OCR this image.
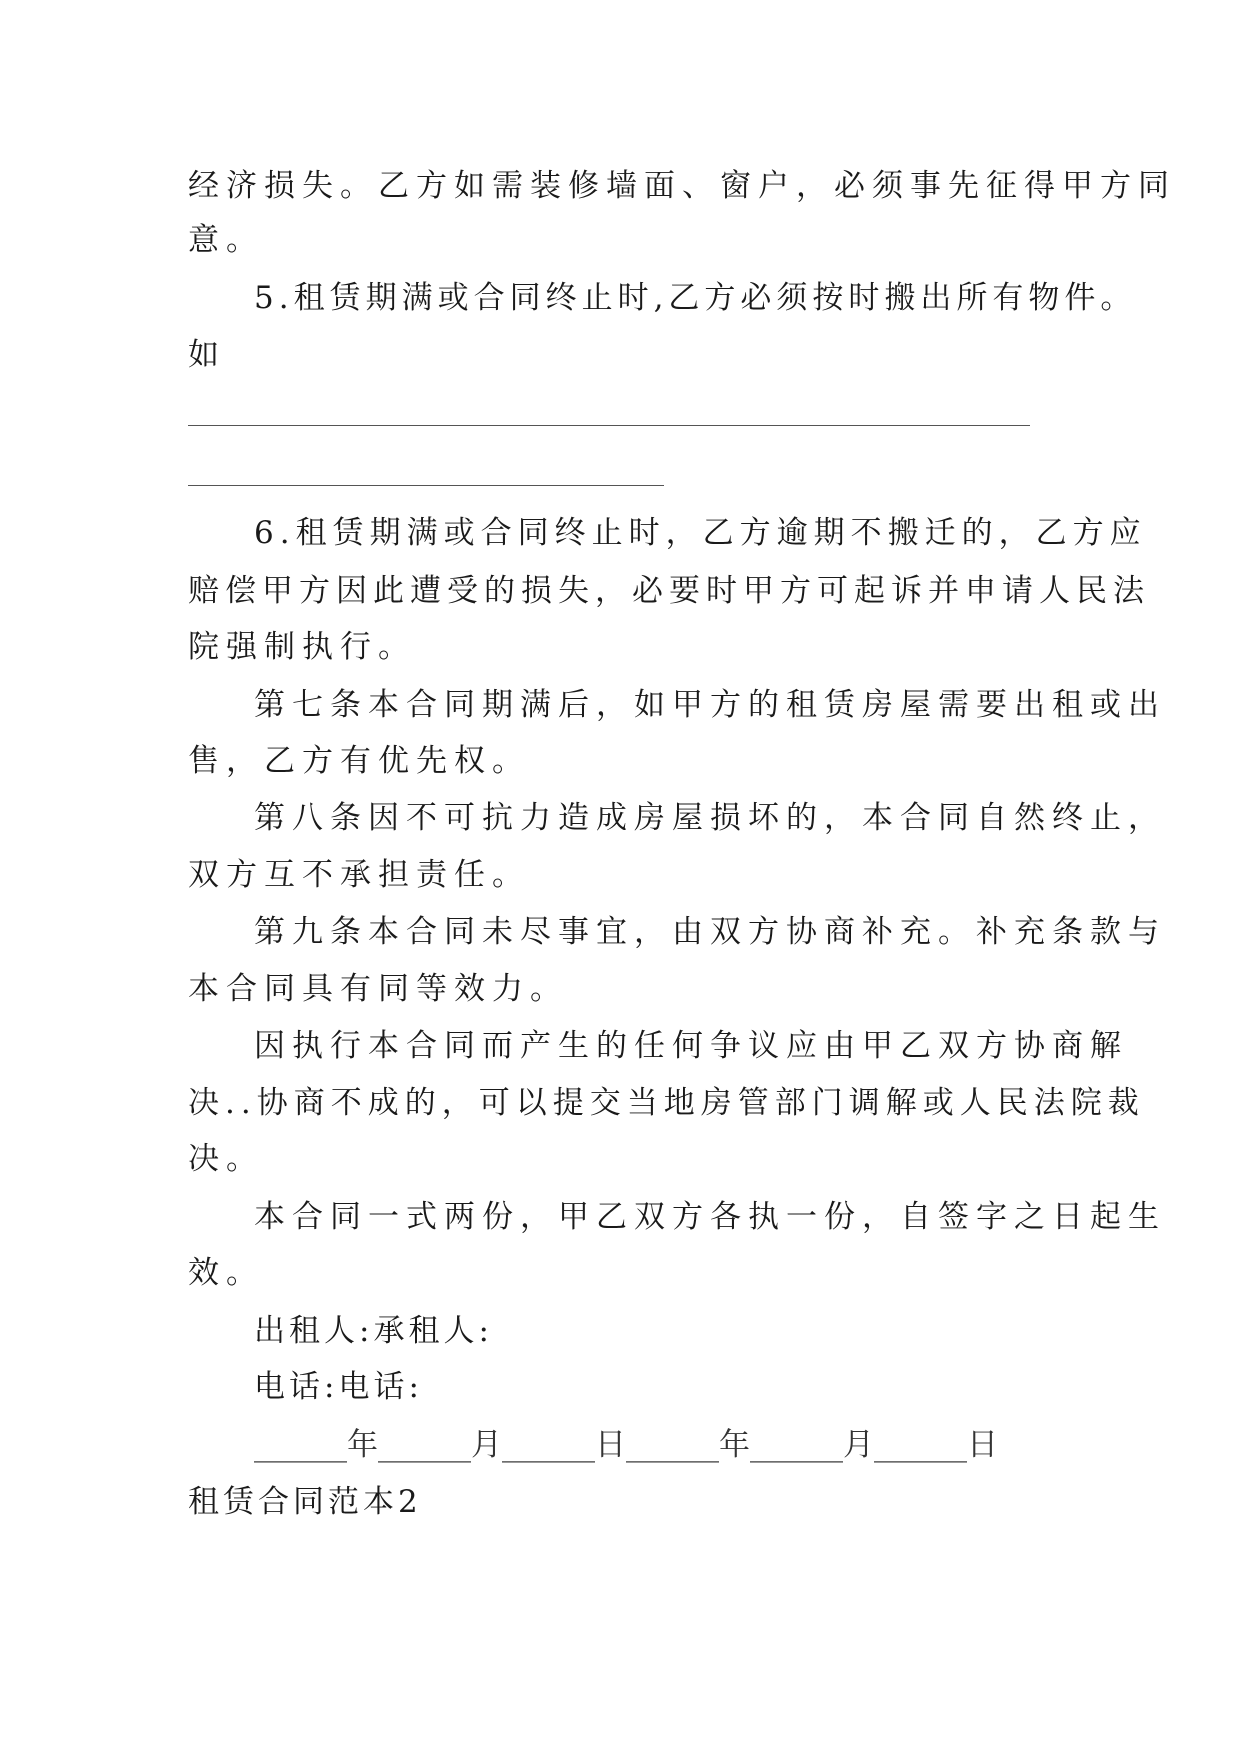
经济损失。乙方如需装修墙面、窗户，必须事先征得甲方同
意。
5.租赁期满或合同终止时,乙方必须按时搬出所有物件。
如
6.租赁期满或合同终止时，乙方逾期不搬迁的，乙方应
赔偿甲方因此遭受的损失，必要时甲方可起诉并申请人民法
院强制执行。
第七条本合同期满后，如甲方的租赁房屋需要出租或出
售，乙方有优先权。
第八条因不可抗力造成房屋损坏的，本合同自然终止，
双方互不承担责任。
第九条本合同未尽事宜，由双方协商补充。补充条款与
本合同具有同等效力。
因执行本合同而产生的任何争议应由甲乙双方协商解
决..协商不成的，可以提交当地房管部门调解或人民法院裁
决。
本合同一式两份，甲乙双方各执一份，自签字之日起生
效。
出租人:承租人:
电话:电话:
______年______月______日______年______月______日
租赁合同范本2
